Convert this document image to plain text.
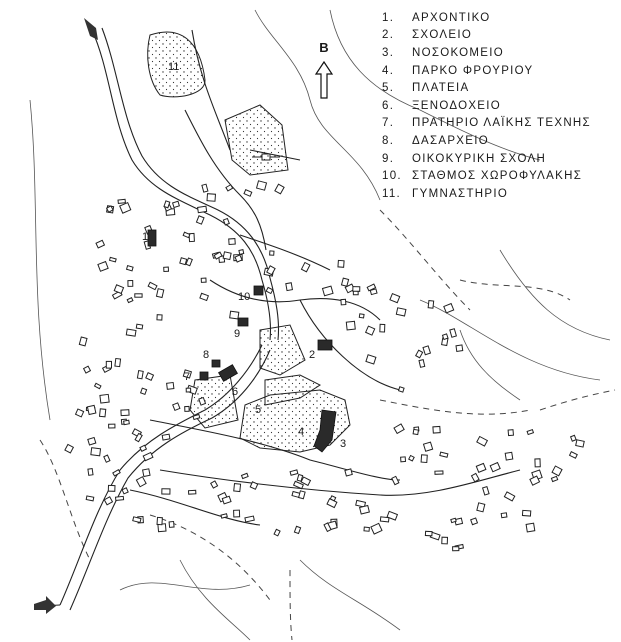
1
2
3
4
5
6
7
8
9
10
11
B
1.	ΑΡΧΟΝΤΙΚΟ
2.	ΣΧΟΛΕΙΟ
3.	ΝΟΣΟΚΟΜΕΙΟ
4.	ΠΑΡΚΟ ΦΡΟΥΡΙΟΥ
5.	ΠΛΑΤΕΙΑ
6.	ΞΕΝΟΔΟΧΕΙΟ
7.	ΠΡΑΤΗΡΙΟ ΛΑΪΚΗΣ ΤΕΧΝΗΣ
8.	ΔΑΣΑΡΧΕΙΟ
9.	ΟΙΚΟΚΥΡΙΚΗ ΣΧΟΛΗ
10. ΣΤΑΘΜΟΣ ΧΩΡΟΦΥΛΑΚΗΣ
11. ΓΥΜΝΑΣΤΗΡΙΟ
